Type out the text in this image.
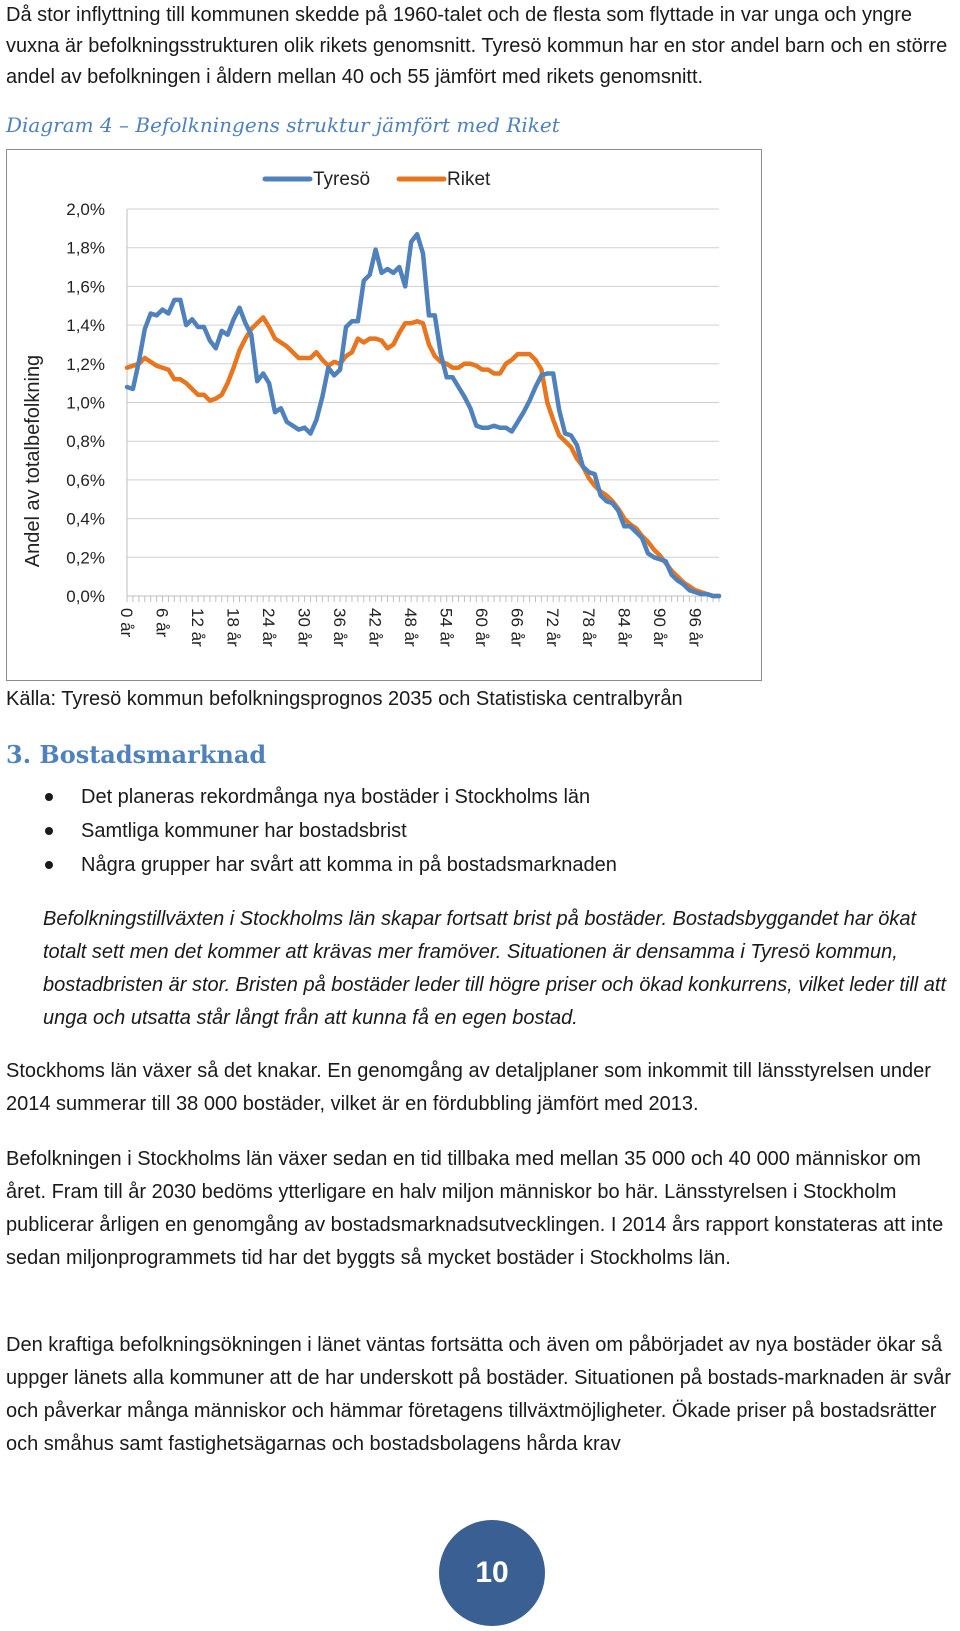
Då stor inflyttning till kommunen skedde på 1960-talet och de flesta som flyttade in var unga och yngre vuxna är befolkningsstrukturen olik rikets genomsnitt. Tyresö kommun har en stor andel barn och en större andel av befolkningen i åldern mellan 40 och 55 jämfört med rikets genomsnitt.

Diagram 4 – Befolkningens struktur jämfört med Riket

2,0%
1,8%
1,6%
1,4%
1,2%
1,0%
0,8%
0,6%
0,4%
0,2%
0,0%
0 år 6 år 12 år 18 år 24 år 30 år 36 år 42 år 48 år 54 år 60 år 66 år 72 år 78 år 84 år 90 år 96 år
Tyresö	Riket
Andel av totalbefolkning

Källa: Tyresö kommun befolkningsprognos 2035 och Statistiska centralbyrån

3. Bostadsmarknad
Det planeras rekordmånga nya bostäder i Stockholms län
Samtliga kommuner har bostadsbrist
Några grupper har svårt att komma in på bostadsmarknaden

Befolkningstillväxten i Stockholms län skapar fortsatt brist på bostäder. Bostadsbyggandet har ökat totalt sett men det kommer att krävas mer framöver. Situationen är densamma i Tyresö kommun, bostadbristen är stor. Bristen på bostäder leder till högre priser och ökad konkurrens, vilket leder till att unga och utsatta står långt från att kunna få en egen bostad.

Stockhoms län växer så det knakar. En genomgång av detaljplaner som inkommit till länsstyrelsen under 2014 summerar till 38 000 bostäder, vilket är en fördubbling jämfört med 2013.

Befolkningen i Stockholms län växer sedan en tid tillbaka med mellan 35 000 och 40 000 människor om året. Fram till år 2030 bedöms ytterligare en halv miljon människor bo här. Länsstyrelsen i Stockholm publicerar årligen en genomgång av bostadsmarknadsutvecklingen. I 2014 års rapport konstateras att inte sedan miljonprogrammets tid har det byggts så mycket bostäder i Stockholms län.

Den kraftiga befolkningsökningen i länet väntas fortsätta och även om påbörjadet av nya bostäder ökar så uppger länets alla kommuner att de har underskott på bostäder. Situationen på bostads-marknaden är svår och påverkar många människor och hämmar företagens tillväxtmöjligheter. Ökade priser på bostadsrätter och småhus samt fastighetsägarnas och bostadsbolagens hårda krav

10
